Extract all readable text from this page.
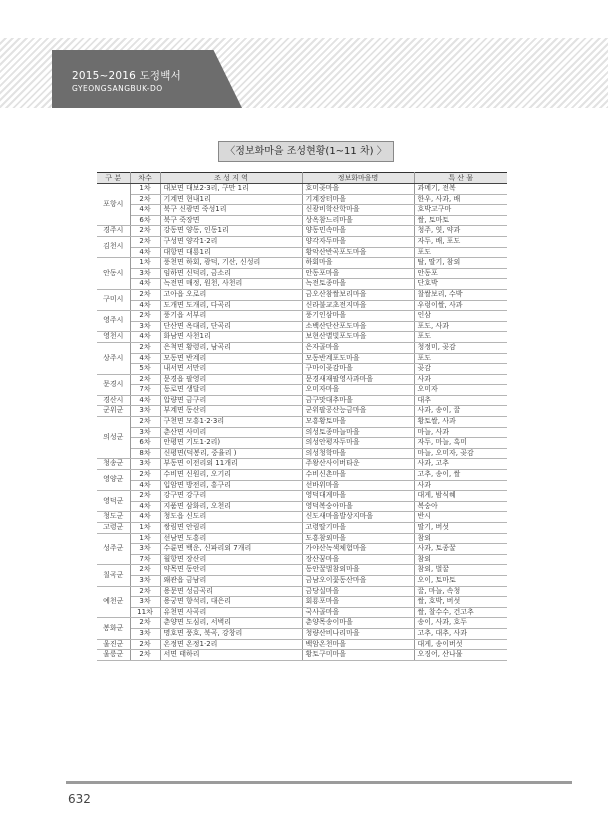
2015~2016 도정백서
GYEONGSANGBUK-DO
〈정보화마을 조성현황(1~11 차) 〉
구 분	차수	조 성 지 역	정보화마을명	특 산 물
포항시	1차	대보면 대보2·3리, 구만 1리	호미곶마을	과메기, 전복
	2차	기계면 현내1리	기계장터마을	한우, 사과, 배
	4차	북구 신광면 죽성1리	신광비학산학마을	호박고구마
	6차	북구 죽장면	상옥참느리마을	쌀, 토마토
경주시	2차	강동면 양동, 인동1리	양동민속마을	청주, 엿, 약과
김천시	2차	구성면 양각1·2리	양각자두마을	자두, 배, 포도
	4차	대항면 대룡1리	황악산반곡포도마을	포도
안동시	1차	풍천면 하회, 광덕, 기산, 신성리	하회마을	탈, 딸기, 참외
	3차	임하면 신덕리, 금소리	안동포마을	안동포
	4차	녹전면 매정, 원천, 사천리	녹전토종마을	단호박
구미시	2차	고아읍 오로리	금오산참쌀보리마을	찰쌀보리, 수박
	4차	도개면 도개리, 다곡리	신라불교초전지마을	우렁이쌀, 사과
영주시	2차	풍기읍 서부리	풍기인삼마을	인삼
	3차	단산면 옥대리, 단곡리	소백산단산포도마을	포도, 사과
영천시	4차	화남면 사천1리	보현산별빛포도마을	포도
상주시	2차	은척면 황령리, 남곡리	은자골마을	청정미, 곶감
	4차	모동면 반계리	모동반계포도마을	포도
	5차	내서면 서만리	구마이곶감마을	곶감
문경시	2차	문경읍 팔영리	문경새재팔영사과마을	사과
	7차	동로면 생달리	오미자마을	오미자
경산시	4차	압량면 금구리	금구맛대추마을	대추
군위군	3차	부계면 동산리	군위팔공산능금마을	사과, 송이, 꿀
의성군	2차	구천면 모흥1·2·3리	모흥황토마을	황토쌀, 사과
	3차	춘산면 사미리	의성토종마늘마을	마늘, 사과
	6차	안평면 기도1·2리)	의성안평자두마을	자두, 마늘, 흑미
	8차	신평면(덕봉리, 중율리 )	의성청학마을	마늘, 오미자, 곶감
청송군	3차	부동면 이전리외 11개리	주왕산사이버타운	사과, 고추
영양군	2차	수비면 신원리, 오기리	수비신촌마을	고추, 송이, 쌀
	4차	입암면 방전리, 흥구리	선바위마을	사과
영덕군	2차	강구면 강구리	영덕대게마을	대게, 밤식혜
	4차	지품면 삼화리, 오천리	영덕복숭아마을	복숭아
청도군	4차	청도읍 신도리	신도새마을발상지마을	반시
고령군	1차	쌍림면 안림리	고령딸기마을	딸기, 버섯
성주군	1차	선남면 도흥리	도흥참외마을	참외
	3차	수륜면 백운, 신파리외 7개리	가야산녹색체험마을	사과, 토종꿀
	7차	월항면 장산리	장산꿈마을	참외
칠곡군	2차	약목면 동안리	동안꿀벌참외마을	참외, 벌꿀
	3차	왜관읍 금남리	금남오이꽃동산마을	오이, 토마토
예천군	2차	용문면 성금곡리	금당실마을	꿀, 마늘, 속청
	3차	용궁면 향석리, 대은리	회룡포마을	쌀, 호박, 버섯
	11차	유천면 사곡리	국사골마을	쌀, 찰수수, 건고추
봉화군	2차	춘양면 도심리, 서벽리	춘양목송이마을	송이, 사과, 호두
	3차	명호면 풍호, 북곡, 강창리	청량산비나리마을	고추, 대추, 사과
울진군	2차	온정면 온정1·2리	백암온천마을	대게, 송이버섯
울릉군	2차	서면 태하리	황토구미마을	오징어, 산나물
632
